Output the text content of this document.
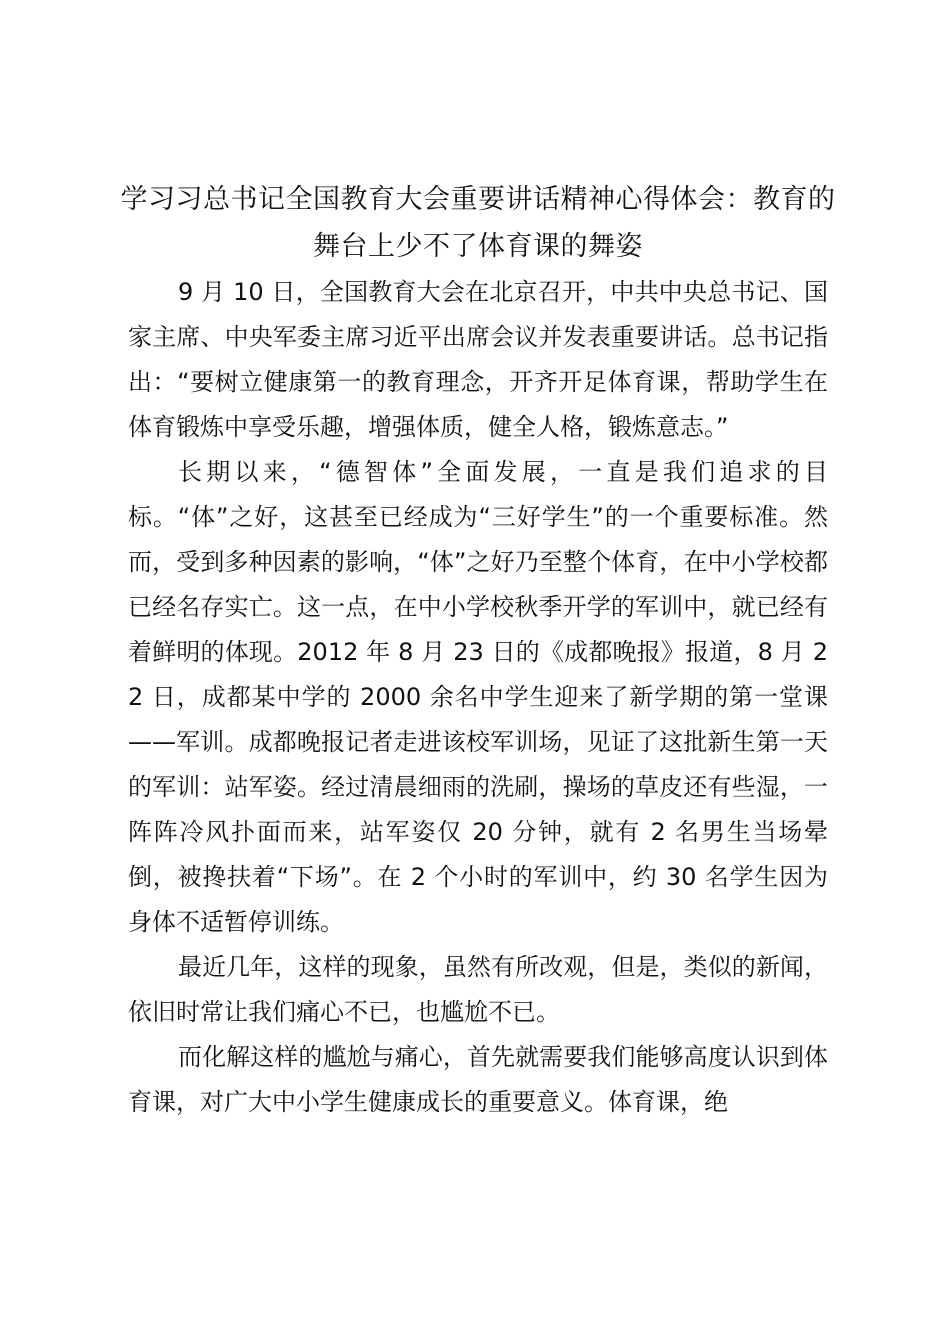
学习习总书记全国教育大会重要讲话精神心得体会：教育的舞台上少不了体育课的舞姿

9 月 10 日，全国教育大会在北京召开，中共中央总书记、国家主席、中央军委主席习近平出席会议并发表重要讲话。总书记指出：“要树立健康第一的教育理念，开齐开足体育课，帮助学生在体育锻炼中享受乐趣，增强体质，健全人格，锻炼意志。”

长期以来，“德智体”全面发展，一直是我们追求的目标。“体”之好，这甚至已经成为“三好学生”的一个重要标准。然而，受到多种因素的影响，“体”之好乃至整个体育，在中小学校都已经名存实亡。这一点，在中小学校秋季开学的军训中，就已经有着鲜明的体现。2012 年 8 月 23 日的《成都晚报》报道，8 月 22 日，成都某中学的 2000 余名中学生迎来了新学期的第一堂课——军训。成都晚报记者走进该校军训场，见证了这批新生第一天的军训：站军姿。经过清晨细雨的洗刷，操场的草皮还有些湿，一阵阵冷风扑面而来，站军姿仅 20 分钟，就有 2 名男生当场晕倒，被搀扶着“下场”。在 2 个小时的军训中，约 30 名学生因为身体不适暂停训练。

最近几年，这样的现象，虽然有所改观，但是，类似的新闻，依旧时常让我们痛心不已，也尴尬不已。

而化解这样的尴尬与痛心，首先就需要我们能够高度认识到体育课，对广大中小学生健康成长的重要意义。体育课，绝
